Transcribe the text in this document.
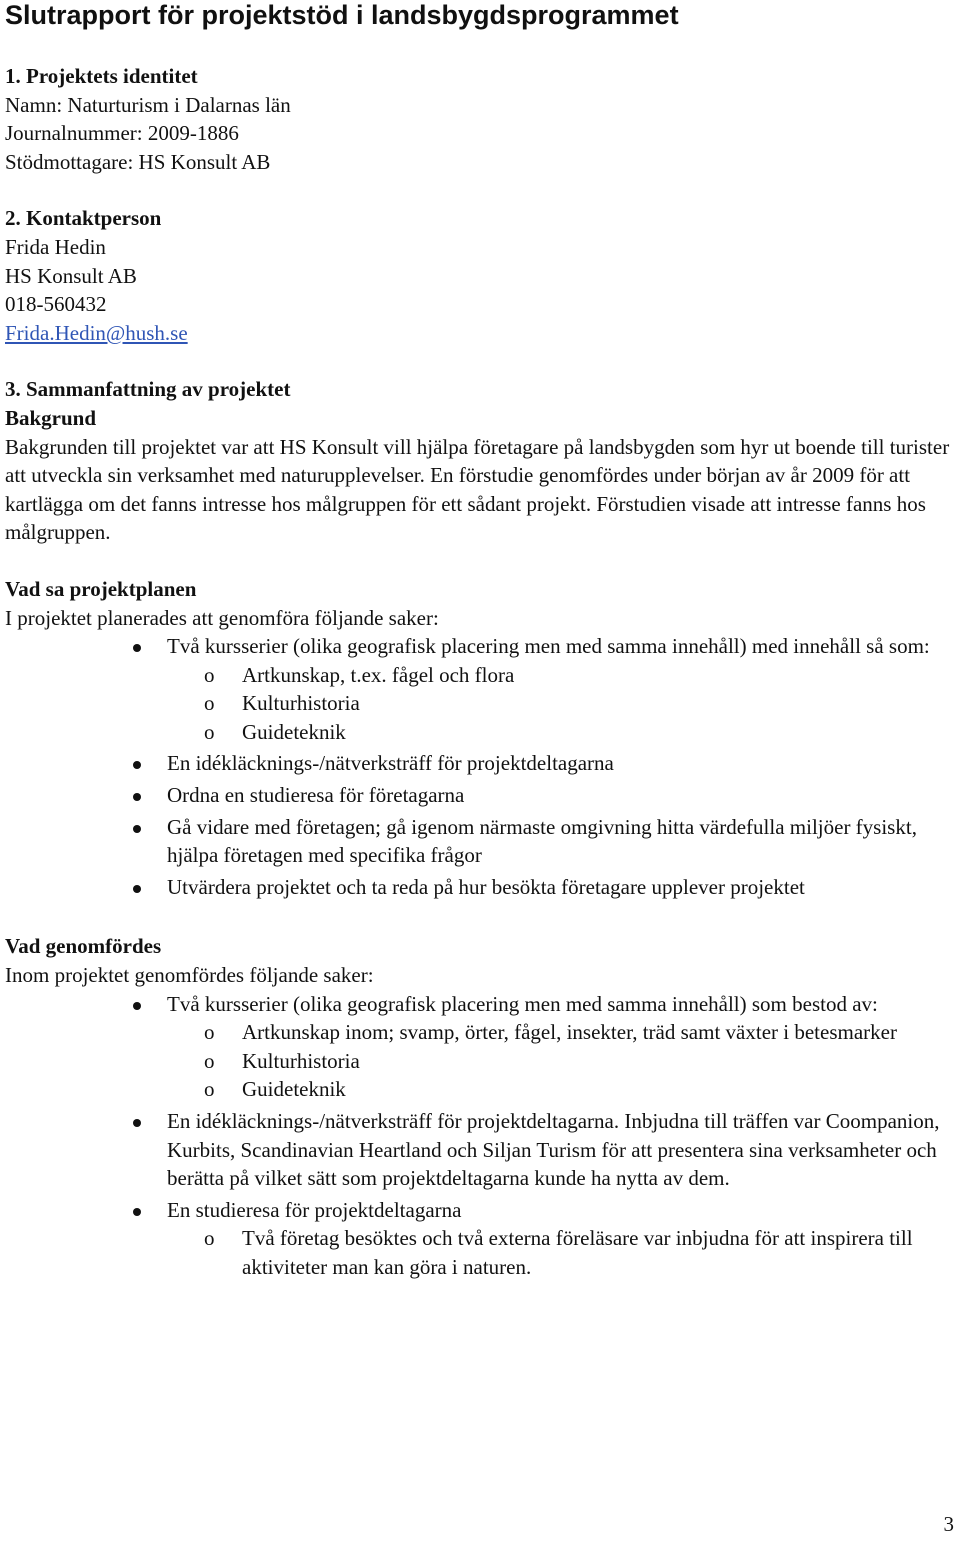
Slutrapport för projektstöd i landsbygdsprogrammet

1. Projektets identitet

Namn: Naturturism i Dalarnas län

Journalnummer: 2009-1886

Stödmottagare: HS Konsult AB

2. Kontaktperson

Frida Hedin

HS Konsult AB

018-560432

Frida.Hedin@hush.se

3. Sammanfattning av projektet

Bakgrund

Bakgrunden till projektet var att HS Konsult vill hjälpa företagare på landsbygden som hyr ut boende till turister att utveckla sin verksamhet med naturupplevelser. En förstudie genomfördes under början av år 2009 för att kartlägga om det fanns intresse hos målgruppen för ett sådant projekt. Förstudien visade att intresse fanns hos målgruppen.

Vad sa projektplanen

I projektet planerades att genomföra följande saker:

Två kursserier (olika geografisk placering men med samma innehåll) med innehåll så som:
o Artkunskap, t.ex. fågel och flora
o Kulturhistoria
o Guideteknik
En idékläcknings-/nätverksträff för projektdeltagarna
Ordna en studieresa för företagarna
Gå vidare med företagen; gå igenom närmaste omgivning hitta värdefulla miljöer fysiskt, hjälpa företagen med specifika frågor
Utvärdera projektet och ta reda på hur besökta företagare upplever projektet

Vad genomfördes

Inom projektet genomfördes följande saker:

Två kursserier (olika geografisk placering men med samma innehåll) som bestod av:
o Artkunskap inom; svamp, örter, fågel, insekter, träd samt växter i betesmarker
o Kulturhistoria
o Guideteknik
En idékläcknings-/nätverksträff för projektdeltagarna. Inbjudna till träffen var Coompanion, Kurbits, Scandinavian Heartland och Siljan Turism för att presentera sina verksamheter och berätta på vilket sätt som projektdeltagarna kunde ha nytta av dem.
En studieresa för projektdeltagarna
o Två företag besöktes och två externa föreläsare var inbjudna för att inspirera till aktiviteter man kan göra i naturen.
3
